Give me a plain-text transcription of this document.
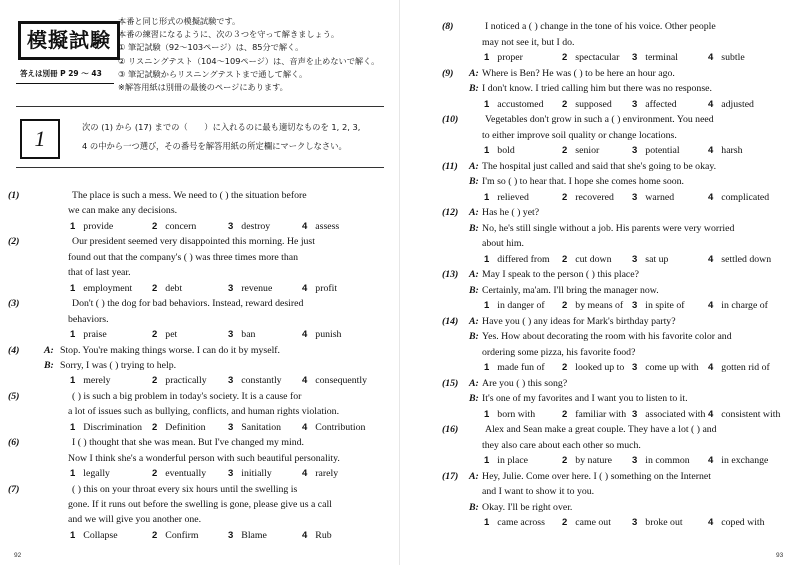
模擬試験
答えは別冊 P 29 〜 43
本番と同じ形式の模擬試験です。
本番の練習になるように、次の３つを守って解きましょう。
① 筆記試験（92〜103ページ）は、85分で解く。
② リスニングテスト（104〜109ページ）は、音声を止めないで解く。
③ 筆記試験からリスニングテストまで通して解く。
※解答用紙は別冊の最後のページにあります。
1	次の (1) から (17) までの（　　）に入れるのに最も適切なものを 1, 2, 3,
4 の中から一つ選び，その番号を解答用紙の所定欄にマークしなさい。
(1)	The place is such a mess. We need to ( ) the situation before
we can make any decisions.
1 provide	2 concern	3 destroy	4 assess
(2)	Our president seemed very disappointed this morning. He just
found out that the company's ( ) was three times more than
that of last year.
1 employment 2 debt	3 revenue	4 profit
(3)	Don't ( ) the dog for bad behaviors. Instead, reward desired
behaviors.
1 praise	2 pet	3 ban	4 punish
(4)	A: Stop. You're making things worse. I can do it by myself.
B: Sorry, I was ( ) trying to help.
1 merely	2 practically 3 constantly 4 consequently
(5)	( ) is such a big problem in today's society. It is a cause for
a lot of issues such as bullying, conflicts, and human rights violation.
1 Discrimination 2 Definition 3 Sanitation 4 Contribution
(6)	I ( ) thought that she was mean. But I've changed my mind.
Now I think she's a wonderful person with such beautiful personality.
1 legally	2 eventually 3 initially	4 rarely
(7)	( ) this on your throat every six hours until the swelling is
gone. If it runs out before the swelling is gone, please give us a call
and we will give you another one.
1 Collapse	2 Confirm	3 Blame	4 Rub
92
(8)	I noticed a ( ) change in the tone of his voice. Other people
may not see it, but I do.
1 proper	2 spectacular 3 terminal	4 subtle
(9) A: Where is Ben? He was ( ) to be here an hour ago.
B: I don't know. I tried calling him but there was no response.
1 accustomed 2 supposed 3 affected	4 adjusted
(10)	Vegetables don't grow in such a ( ) environment. You need
to either improve soil quality or change locations.
1 bold	2 senior	3 potential	4 harsh
(11) A: The hospital just called and said that she's going to be okay.
B: I'm so ( ) to hear that. I hope she comes home soon.
1 relieved	2 recovered 3 warned	4 complicated
(12) A: Has he ( ) yet?
B: No, he's still single without a job. His parents were very worried
about him.
1 differed from 2 cut down 3 sat up	4 settled down
(13) A: May I speak to the person ( ) this place?
B: Certainly, ma'am. I'll bring the manager now.
1 in danger of 2 by means of 3 in spite of 4 in charge of
(14) A: Have you ( ) any ideas for Mark's birthday party?
B: Yes. How about decorating the room with his favorite color and
ordering some pizza, his favorite food?
1 made fun of 2 looked up to 3 come up with 4 gotten rid of
(15) A: Are you ( ) this song?
B: It's one of my favorites and I want you to listen to it.
1 born with	2 familiar with 3 associated with 4 consistent with
(16)	Alex and Sean make a great couple. They have a lot ( ) and
they also care about each other so much.
1 in place	2 by nature 3 in common 4 in exchange
(17) A: Hey, Julie. Come over here. I ( ) something on the Internet
and I want to show it to you.
B: Okay. I'll be right over.
1 came across 2 came out 3 broke out	4 coped with
93
